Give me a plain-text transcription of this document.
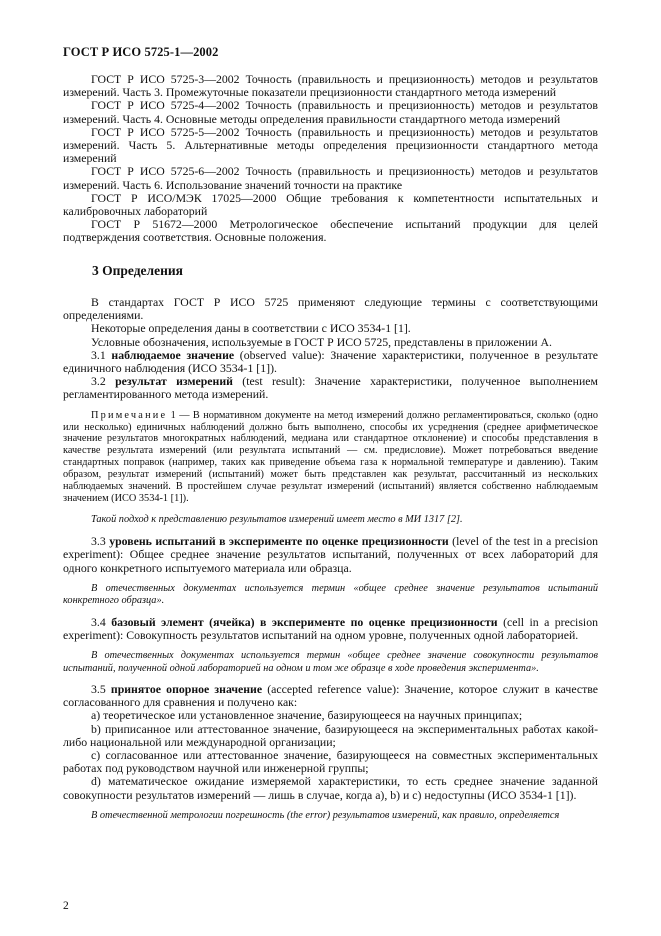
ГОСТ Р ИСО 5725-1—2002

ГОСТ Р ИСО 5725-3—2002 Точность (правильность и прецизионность) методов и результатов измерений. Часть 3. Промежуточные показатели прецизионности стандартного метода измерений

ГОСТ Р ИСО 5725-4—2002 Точность (правильность и прецизионность) методов и результатов измерений. Часть 4. Основные методы определения правильности стандартного метода измерений

ГОСТ Р ИСО 5725-5—2002 Точность (правильность и прецизионность) методов и результатов измерений. Часть 5. Альтернативные методы определения прецизионности стандартного метода измерений

ГОСТ Р ИСО 5725-6—2002 Точность (правильность и прецизионность) методов и результатов измерений. Часть 6. Использование значений точности на практике

ГОСТ Р ИСО/МЭК 17025—2000 Общие требования к компетентности испытательных и калибровочных лабораторий

ГОСТ Р 51672—2000 Метрологическое обеспечение испытаний продукции для целей подтверждения соответствия. Основные положения.

3 Определения

В стандартах ГОСТ Р ИСО 5725 применяют следующие термины с соответствующими определениями.

Некоторые определения даны в соответствии с ИСО 3534-1 [1].

Условные обозначения, используемые в ГОСТ Р ИСО 5725, представлены в приложении А.

3.1 наблюдаемое значение (observed value): Значение характеристики, полученное в результате единичного наблюдения (ИСО 3534-1 [1]).

3.2 результат измерений (test result): Значение характеристики, полученное выполнением регламентированного метода измерений.

Примечание 1 — В нормативном документе на метод измерений должно регламентироваться, сколько (одно или несколько) единичных наблюдений должно быть выполнено, способы их усреднения (среднее арифметическое значение результатов многократных наблюдений, медиана или стандартное отклонение) и способы представления в качестве результата измерений (или результата испытаний — см. предисловие). Может потребоваться введение стандартных поправок (например, таких как приведение объема газа к нормальной температуре и давлению). Таким образом, результат измерений (испытаний) может быть представлен как результат, рассчитанный из нескольких наблюдаемых значений. В простейшем случае результат измерений (испытаний) является собственно наблюдаемым значением (ИСО 3534-1 [1]).

Такой подход к представлению результатов измерений имеет место в МИ 1317 [2].

3.3 уровень испытаний в эксперименте по оценке прецизионности (level of the test in a precision experiment): Общее среднее значение результатов испытаний, полученных от всех лабораторий для одного конкретного испытуемого материала или образца.

В отечественных документах используется термин «общее среднее значение результатов испытаний конкретного образца».

3.4 базовый элемент (ячейка) в эксперименте по оценке прецизионности (cell in a precision experiment): Совокупность результатов испытаний на одном уровне, полученных одной лабораторией.

В отечественных документах используется термин «общее среднее значение совокупности результатов испытаний, полученной одной лабораторией на одном и том же образце в ходе проведения эксперимента».

3.5 принятое опорное значение (accepted reference value): Значение, которое служит в качестве согласованного для сравнения и получено как:

a) теоретическое или установленное значение, базирующееся на научных принципах;

b) приписанное или аттестованное значение, базирующееся на экспериментальных работах какой-либо национальной или международной организации;

c) согласованное или аттестованное значение, базирующееся на совместных экспериментальных работах под руководством научной или инженерной группы;

d) математическое ожидание измеряемой характеристики, то есть среднее значение заданной совокупности результатов измерений — лишь в случае, когда a), b) и c) недоступны (ИСО 3534-1 [1]).

В отечественной метрологии погрешность (the error) результатов измерений, как правило, определяется

2
